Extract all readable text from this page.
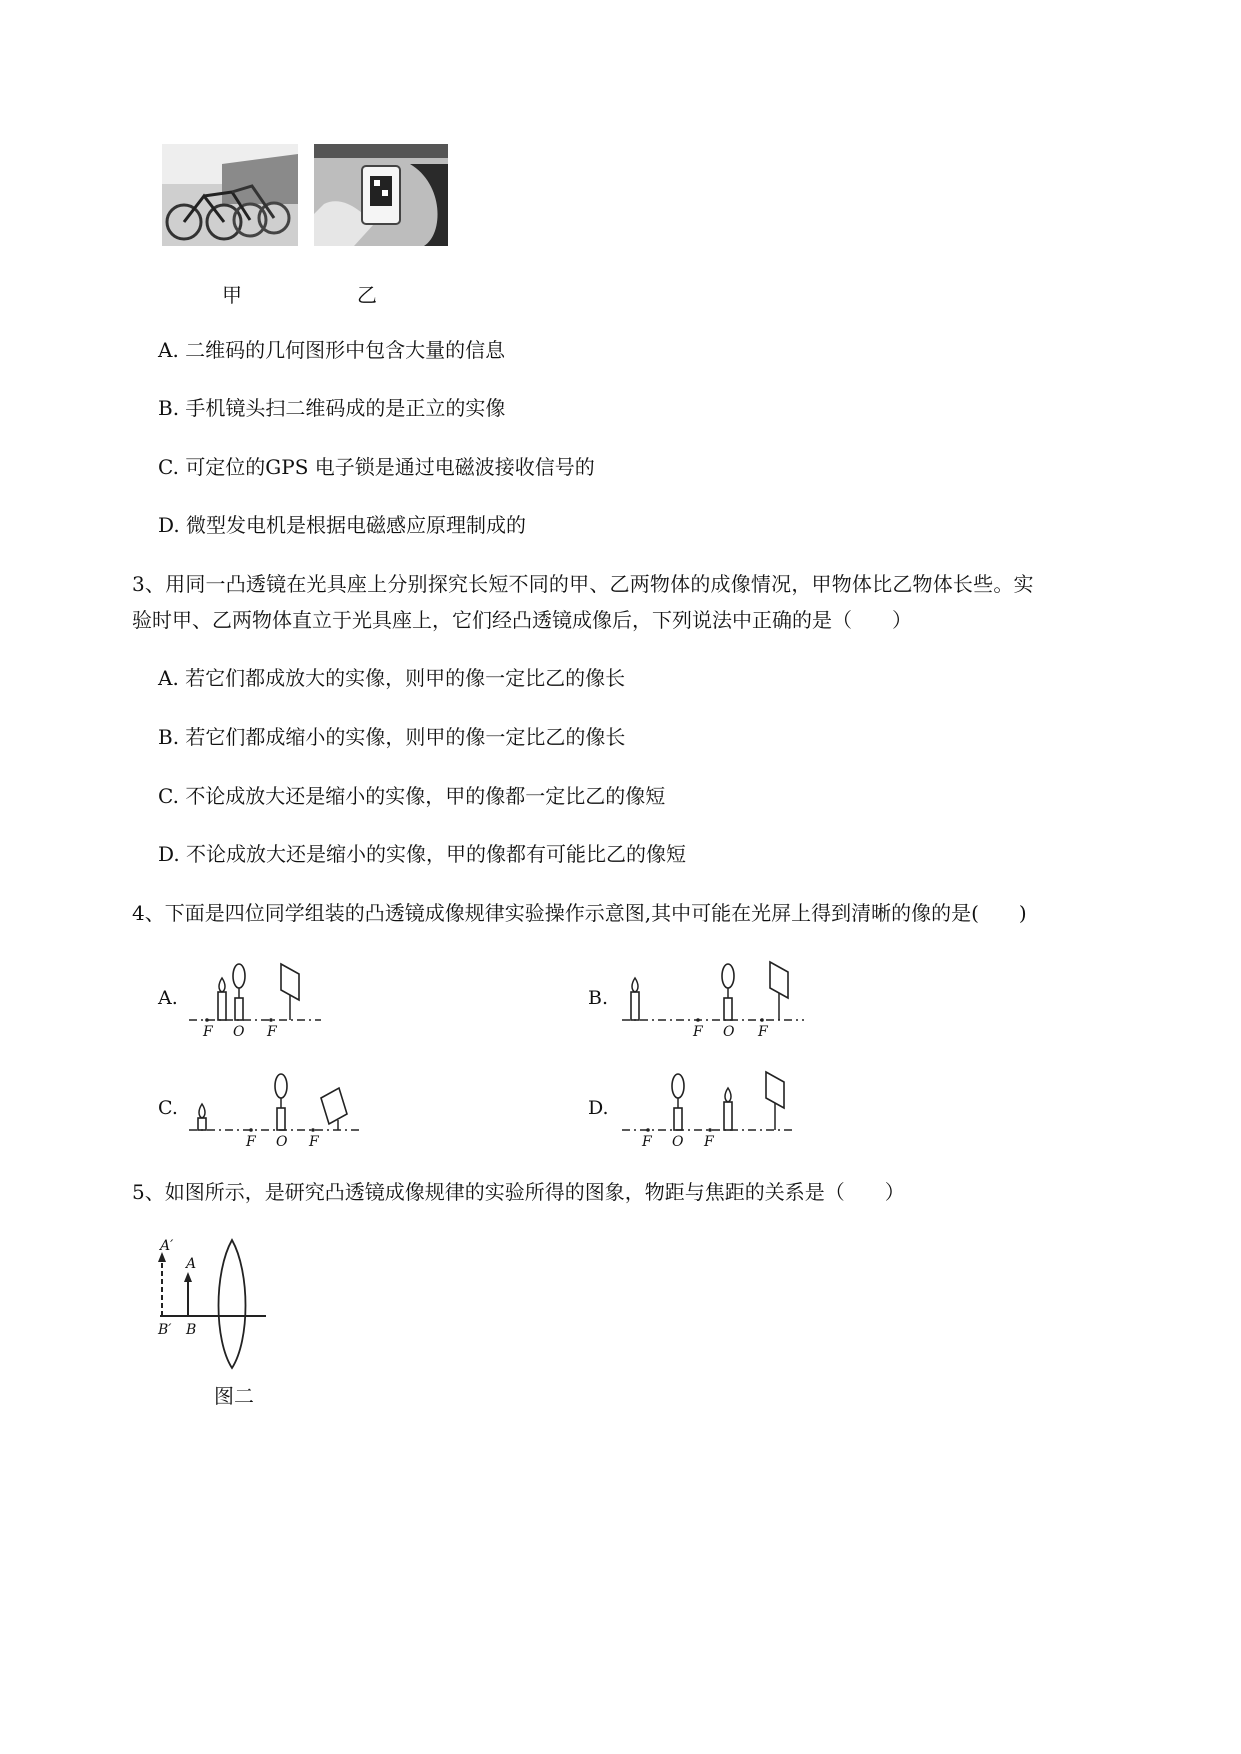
甲	乙
A. 二维码的几何图形中包含大量的信息
B. 手机镜头扫二维码成的是正立的实像
C. 可定位的GPS 电子锁是通过电磁波接收信号的
D. 微型发电机是根据电磁感应原理制成的
3、用同一凸透镜在光具座上分别探究长短不同的甲、乙两物体的成像情况，甲物体比乙物体长些。实
验时甲、乙两物体直立于光具座上，它们经凸透镜成像后，下列说法中正确的是（　　）
A. 若它们都成放大的实像，则甲的像一定比乙的像长
B. 若它们都成缩小的实像，则甲的像一定比乙的像长
C. 不论成放大还是缩小的实像，甲的像都一定比乙的像短
D. 不论成放大还是缩小的实像，甲的像都有可能比乙的像短
4、下面是四位同学组装的凸透镜成像规律实验操作示意图,其中可能在光屏上得到清晰的像的是(　　)
A.
F O F
B.
F O F
C.
F O F
D.
F O F
5、如图所示，是研究凸透镜成像规律的实验所得的图象，物距与焦距的关系是（　　）
A′
A
B′ B
图二
